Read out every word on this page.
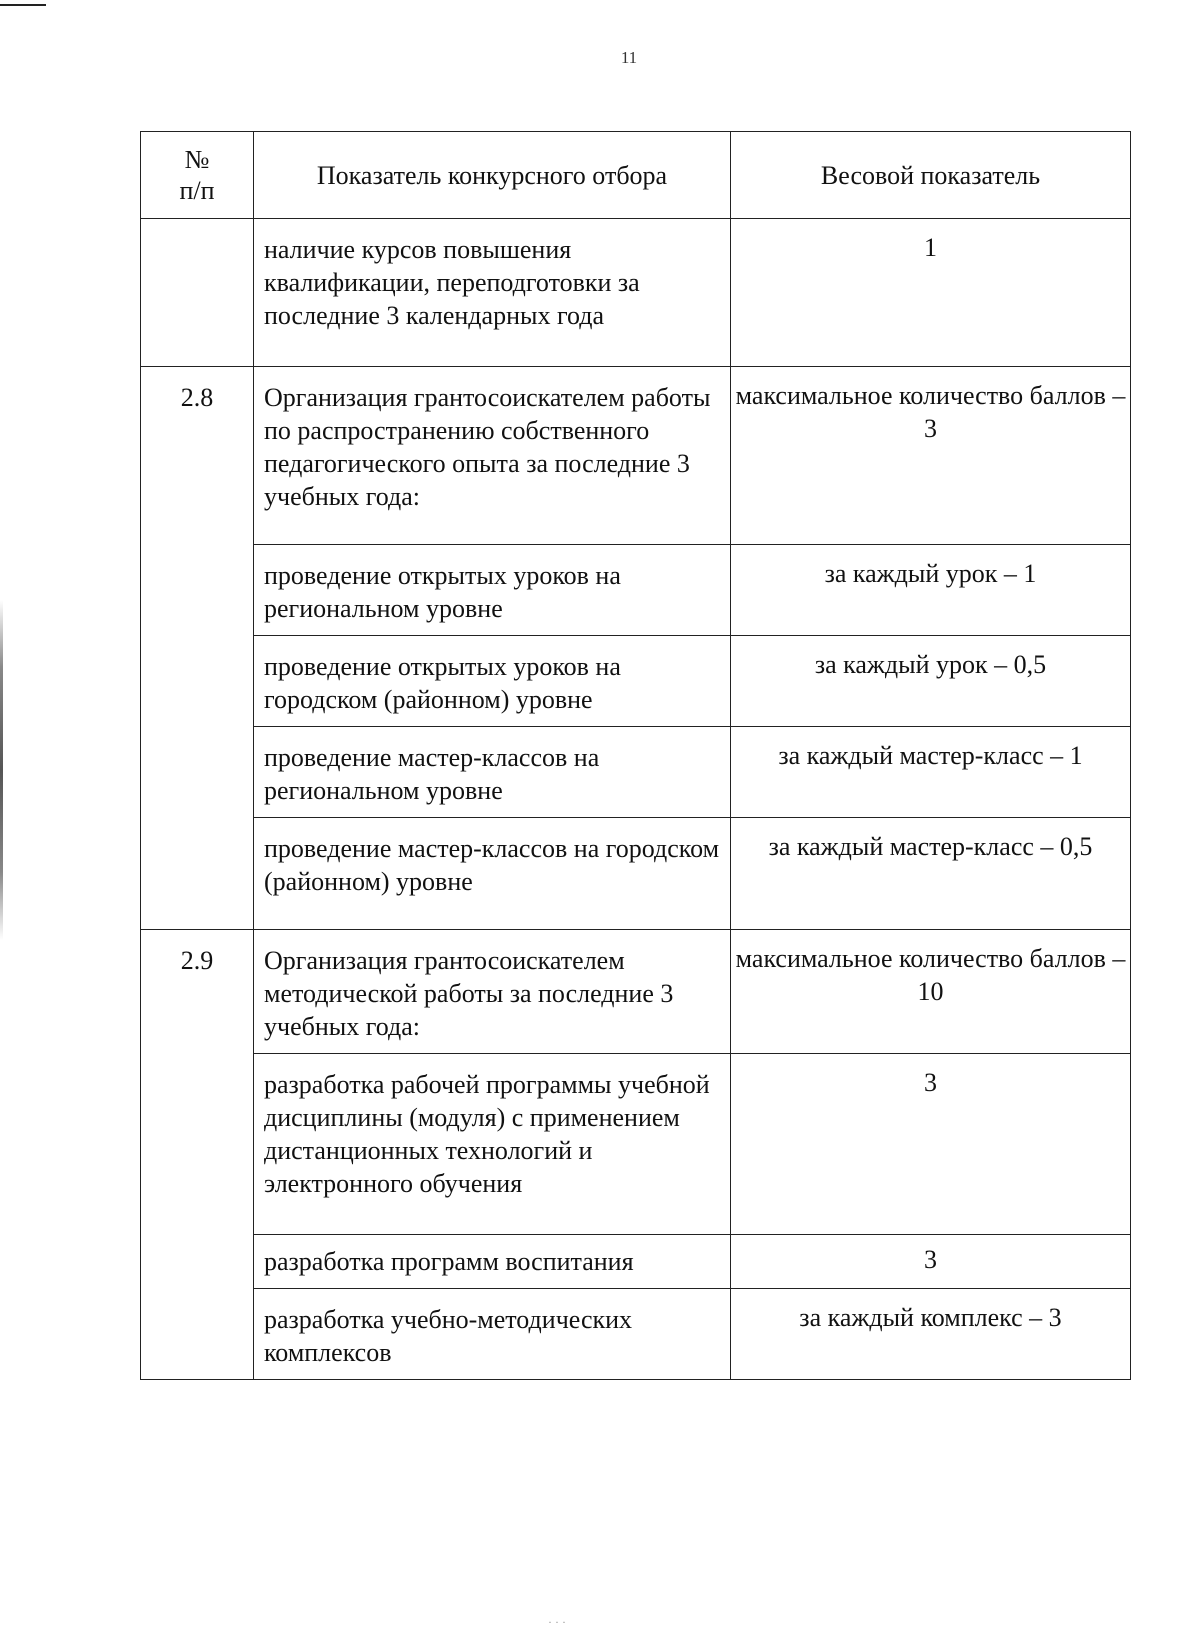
11
№
п/п	Показатель конкурсного отбора	Весовой показатель
	наличие курсов повышения квалификации, переподготовки за последние 3 календарных года	1
2.8	Организация грантосоискателем работы по распространению собственного педагогического опыта за последние 3 учебных года:	максимальное количество баллов – 3
	проведение открытых уроков на региональном уровне	за каждый урок – 1
	проведение открытых уроков на городском (районном) уровне	за каждый урок – 0,5
	проведение мастер-классов на региональном уровне	за каждый мастер-класс – 1
	проведение мастер-классов на городском (районном) уровне	за каждый мастер-класс – 0,5
2.9	Организация грантосоискателем методической работы за последние 3 учебных года:	максимальное количество баллов – 10
	разработка рабочей программы учебной дисциплины (модуля) с применением дистанционных технологий и электронного обучения	3
	разработка программ воспитания	3
	разработка учебно-методических комплексов	за каждый комплекс – 3
· · ·
